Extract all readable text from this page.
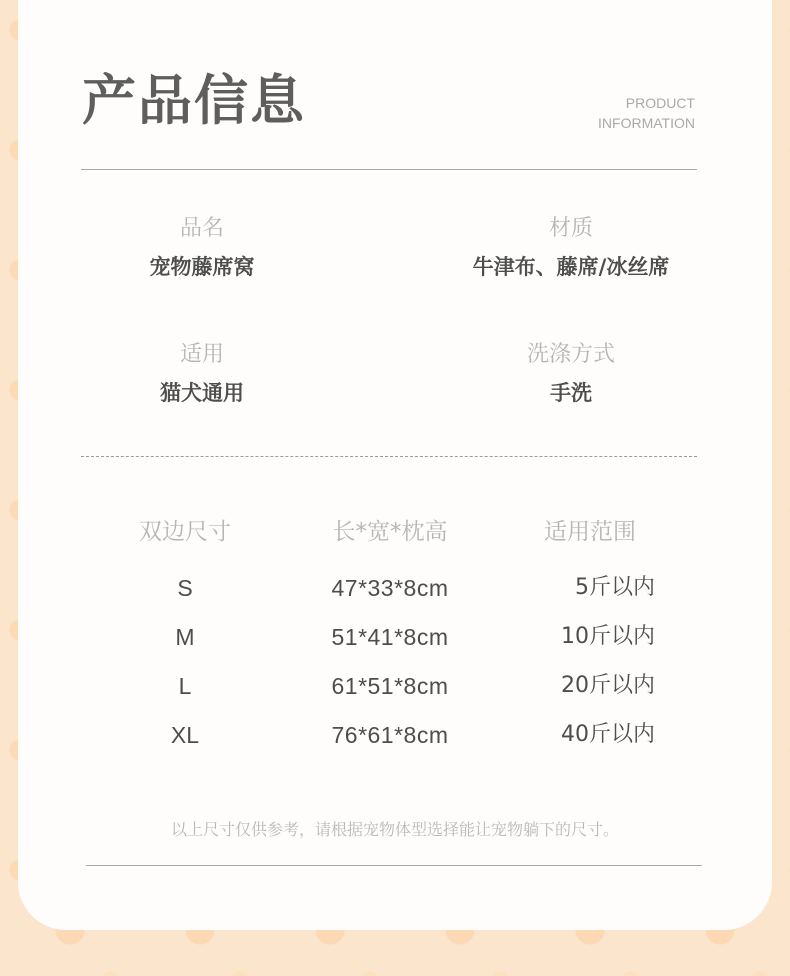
产品信息	PRODUCT
INFORMATION
品名
宠物藤席窝
材质
牛津布、藤席/冰丝席
适用
猫犬通用
洗涤方式
手洗
双边尺寸	长*宽*枕高	适用范围
S	47*33*8cm	5斤以内
M	51*41*8cm	10斤以内
L	61*51*8cm	20斤以内
XL	76*61*8cm	40斤以内
以上尺寸仅供参考，请根据宠物体型选择能让宠物躺下的尺寸。
